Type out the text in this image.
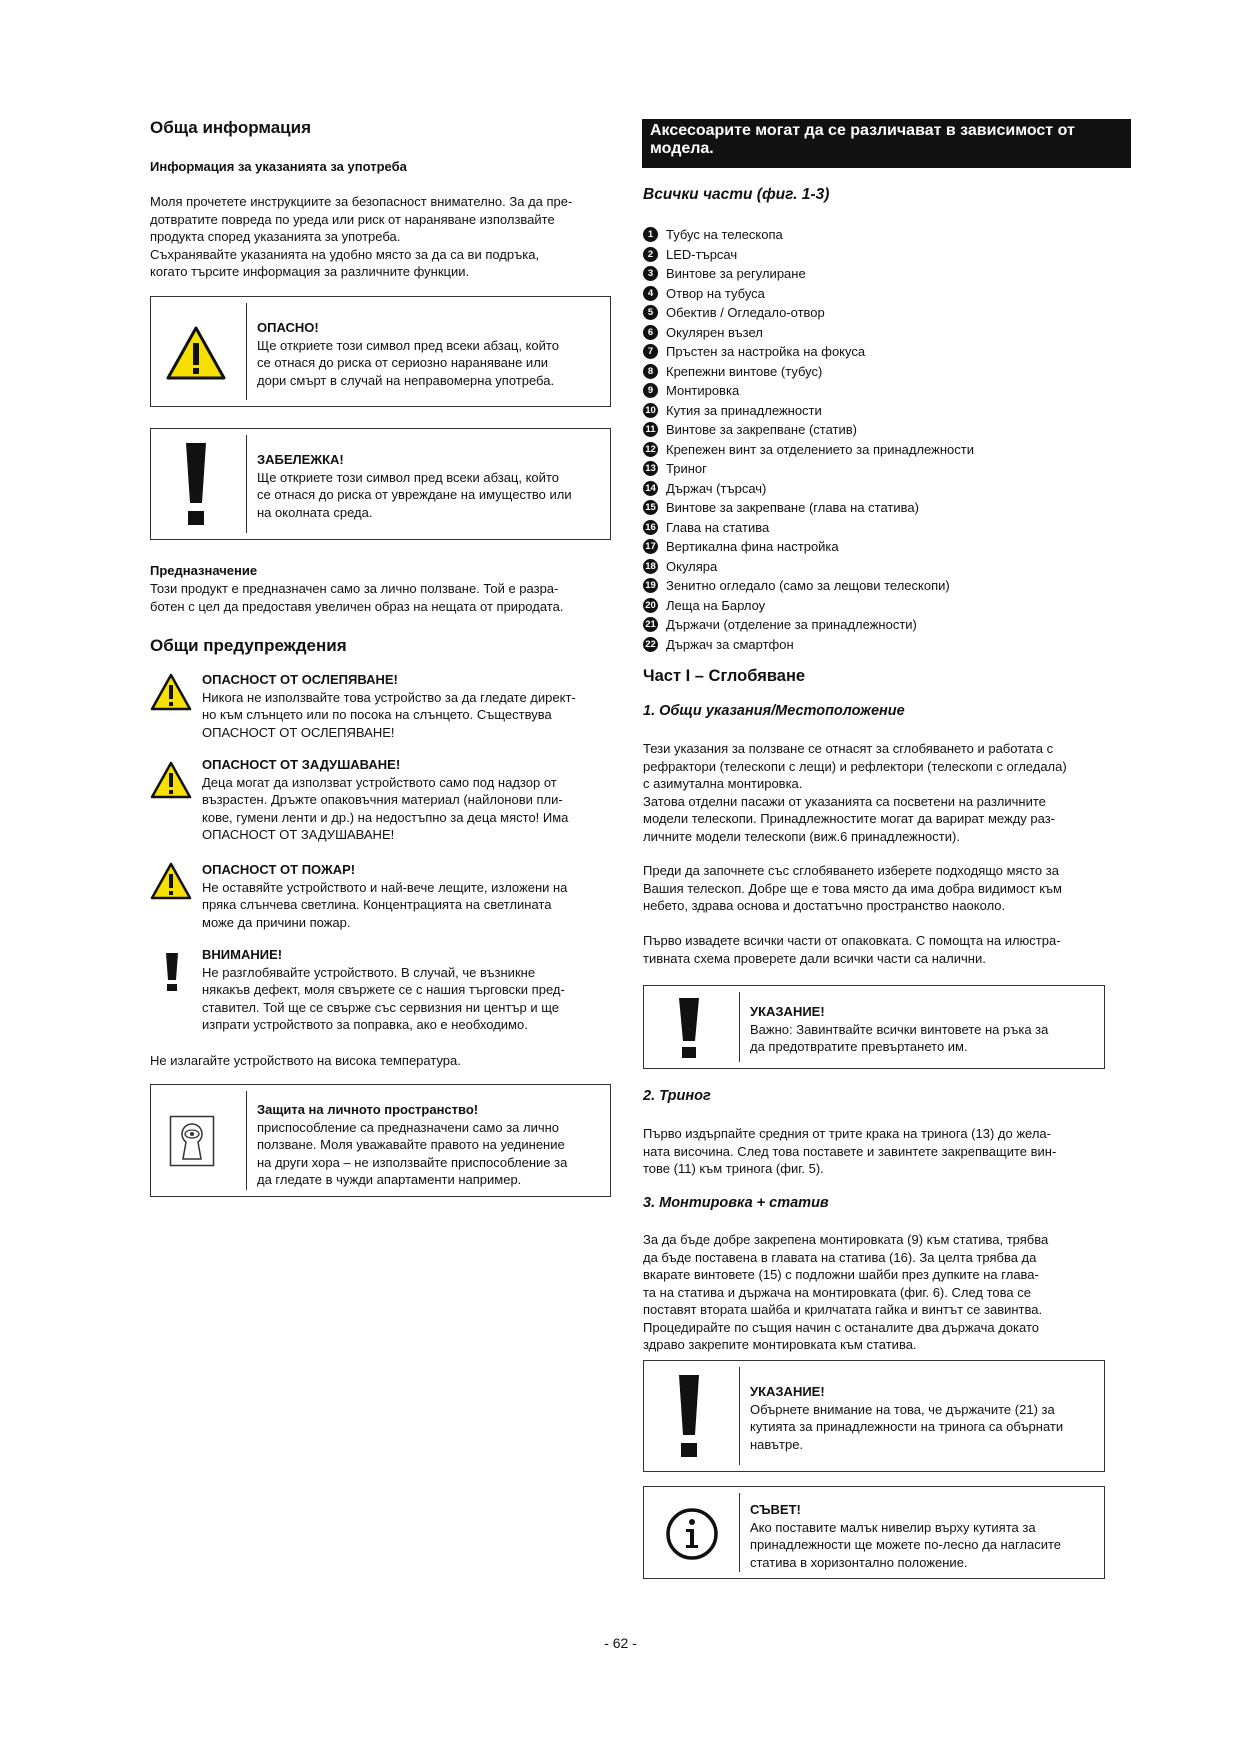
Обща информация

Информация за указанията за употреба

Моля прочетете инструкциите за безопасност внимателно. За да пре-
дотвратите повреда по уреда или риск от нараняване използвайте
продукта според указанията за употреба.
Съхранявайте указанията на удобно място за да са ви подръка,
когато търсите информация за различните функции.
ОПАСНО!
Ще откриете този символ пред всеки абзац, който
се отнася до риска от сериозно нараняване или
дори смърт в случай на неправомерна употреба.
ЗАБЕЛЕЖКА!
Ще откриете този символ пред всеки абзац, който
се отнася до риска от увреждане на имущество или
на околната среда.

Предназначение

Този продукт е предназначен само за лично ползване. Той е разра-
ботен с цел да предоставя увеличен образ на нещата от природата.

Общи предупреждения

ОПАСНОСТ ОТ ОСЛЕПЯВАНЕ!
Никога не използвайте това устройство за да гледате директ-
но към слънцето или по посока на слънцето. Съществува
ОПАСНОСТ ОТ ОСЛЕПЯВАНЕ!
ОПАСНОСТ ОТ ЗАДУШАВАНЕ!
Деца могат да използват устройството само под надзор от
възрастен. Дръжте опаковъчния материал (найлонови пли-
кове, гумени ленти и др.) на недостъпно за деца място! Има
ОПАСНОСТ ОТ ЗАДУШАВАНЕ!
ОПАСНОСТ ОТ ПОЖАР!
Не оставяйте устройството и най-вече лещите, изложени на
пряка слънчева светлина. Концентрацията на светлината
може да причини пожар.
ВНИМАНИЕ!
Не разглобявайте устройството. В случай, че възникне
някакъв дефект, моля свържете се с нашия търговски пред-
ставител. Той ще се свърже със сервизния ни център и ще
изпрати устройството за поправка, ако е необходимо.
Не излагайте устройството на висока температура.
Защита на личното пространство!
приспособление са предназначени само за лично
ползване. Моля уважавайте правото на уединение
на други хора – не използвайте приспособление за
да гледате в чужди апартаменти например.
Аксесоарите могат да се различават в зависимост от модела.

Всички части (фиг. 1-3)

1 Тубус на телескопа
2 LED-търсач
3 Винтове за регулиране
4 Отвор на тубуса
5 Обектив / Огледало-отвор
6 Окулярен възел
7 Пръстен за настройка на фокуса
8 Крепежни винтове (тубус)
9 Монтировка
10 Кутия за принадлежности
11 Винтове за закрепване (статив)
12 Крепежен винт за отделението за принадлежности
13 Триног
14 Държач (търсач)
15 Винтове за закрепване (глава на статива)
16 Глава на статива
17 Вертикална фина настройка
18 Окуляра
19 Зенитно огледало (само за лещови телескопи)
20 Леща на Барлоу
21 Държачи (отделение за принадлежности)
22 Държач за смартфон

Част I – Сглобяване

1. Общи указания/Местоположение

Тези указания за ползване се отнасят за сглобяването и работата с
рефрактори (телескопи с лещи) и рефлектори (телескопи с огледала)
с азимутална монтировка.
Затова отделни пасажи от указанията са посветени на различните
модели телескопи. Принадлежностите могат да варират между раз-
личните модели телескопи (виж.6 принадлежности).
Преди да започнете със сглобяването изберете подходящо място за
Вашия телескоп. Добре ще е това място да има добра видимост към
небето, здрава основа и достатъчно пространство наоколо.
Първо извадете всички части от опаковката. С помощта на илюстра-
тивната схема проверете дали всички части са налични.
УКАЗАНИЕ!
Важно: Завинтвайте всички винтовете на ръка за
да предотвратите превъртането им.

2. Триног

Първо издърпайте средния от трите крака на тринога (13) до жела-
ната височина. След това поставете и завинтете закрепващите вин-
тове (11) към тринога (фиг. 5).

3. Монтировка + статив

За да бъде добре закрепена монтировката (9) към статива, трябва
да бъде поставена в главата на статива (16). За целта трябва да
вкарате винтовете (15) с подложни шайби през дупките на глава-
та на статива и държача на монтировката (фиг. 6). След това се
поставят втората шайба и крилчатата гайка и винтът се завинтва.
Процедирайте по същия начин с останалите два държача докато
здраво закрепите монтировката към статива.
УКАЗАНИЕ!
Обърнете внимание на това, че държачите (21) за
кутията за принадлежности на тринога са обърнати
навътре.
СЪВЕТ!
Ако поставите малък нивелир върху кутията за
принадлежности ще можете по-лесно да нагласите
статива в хоризонтално положение.
- 62 -
